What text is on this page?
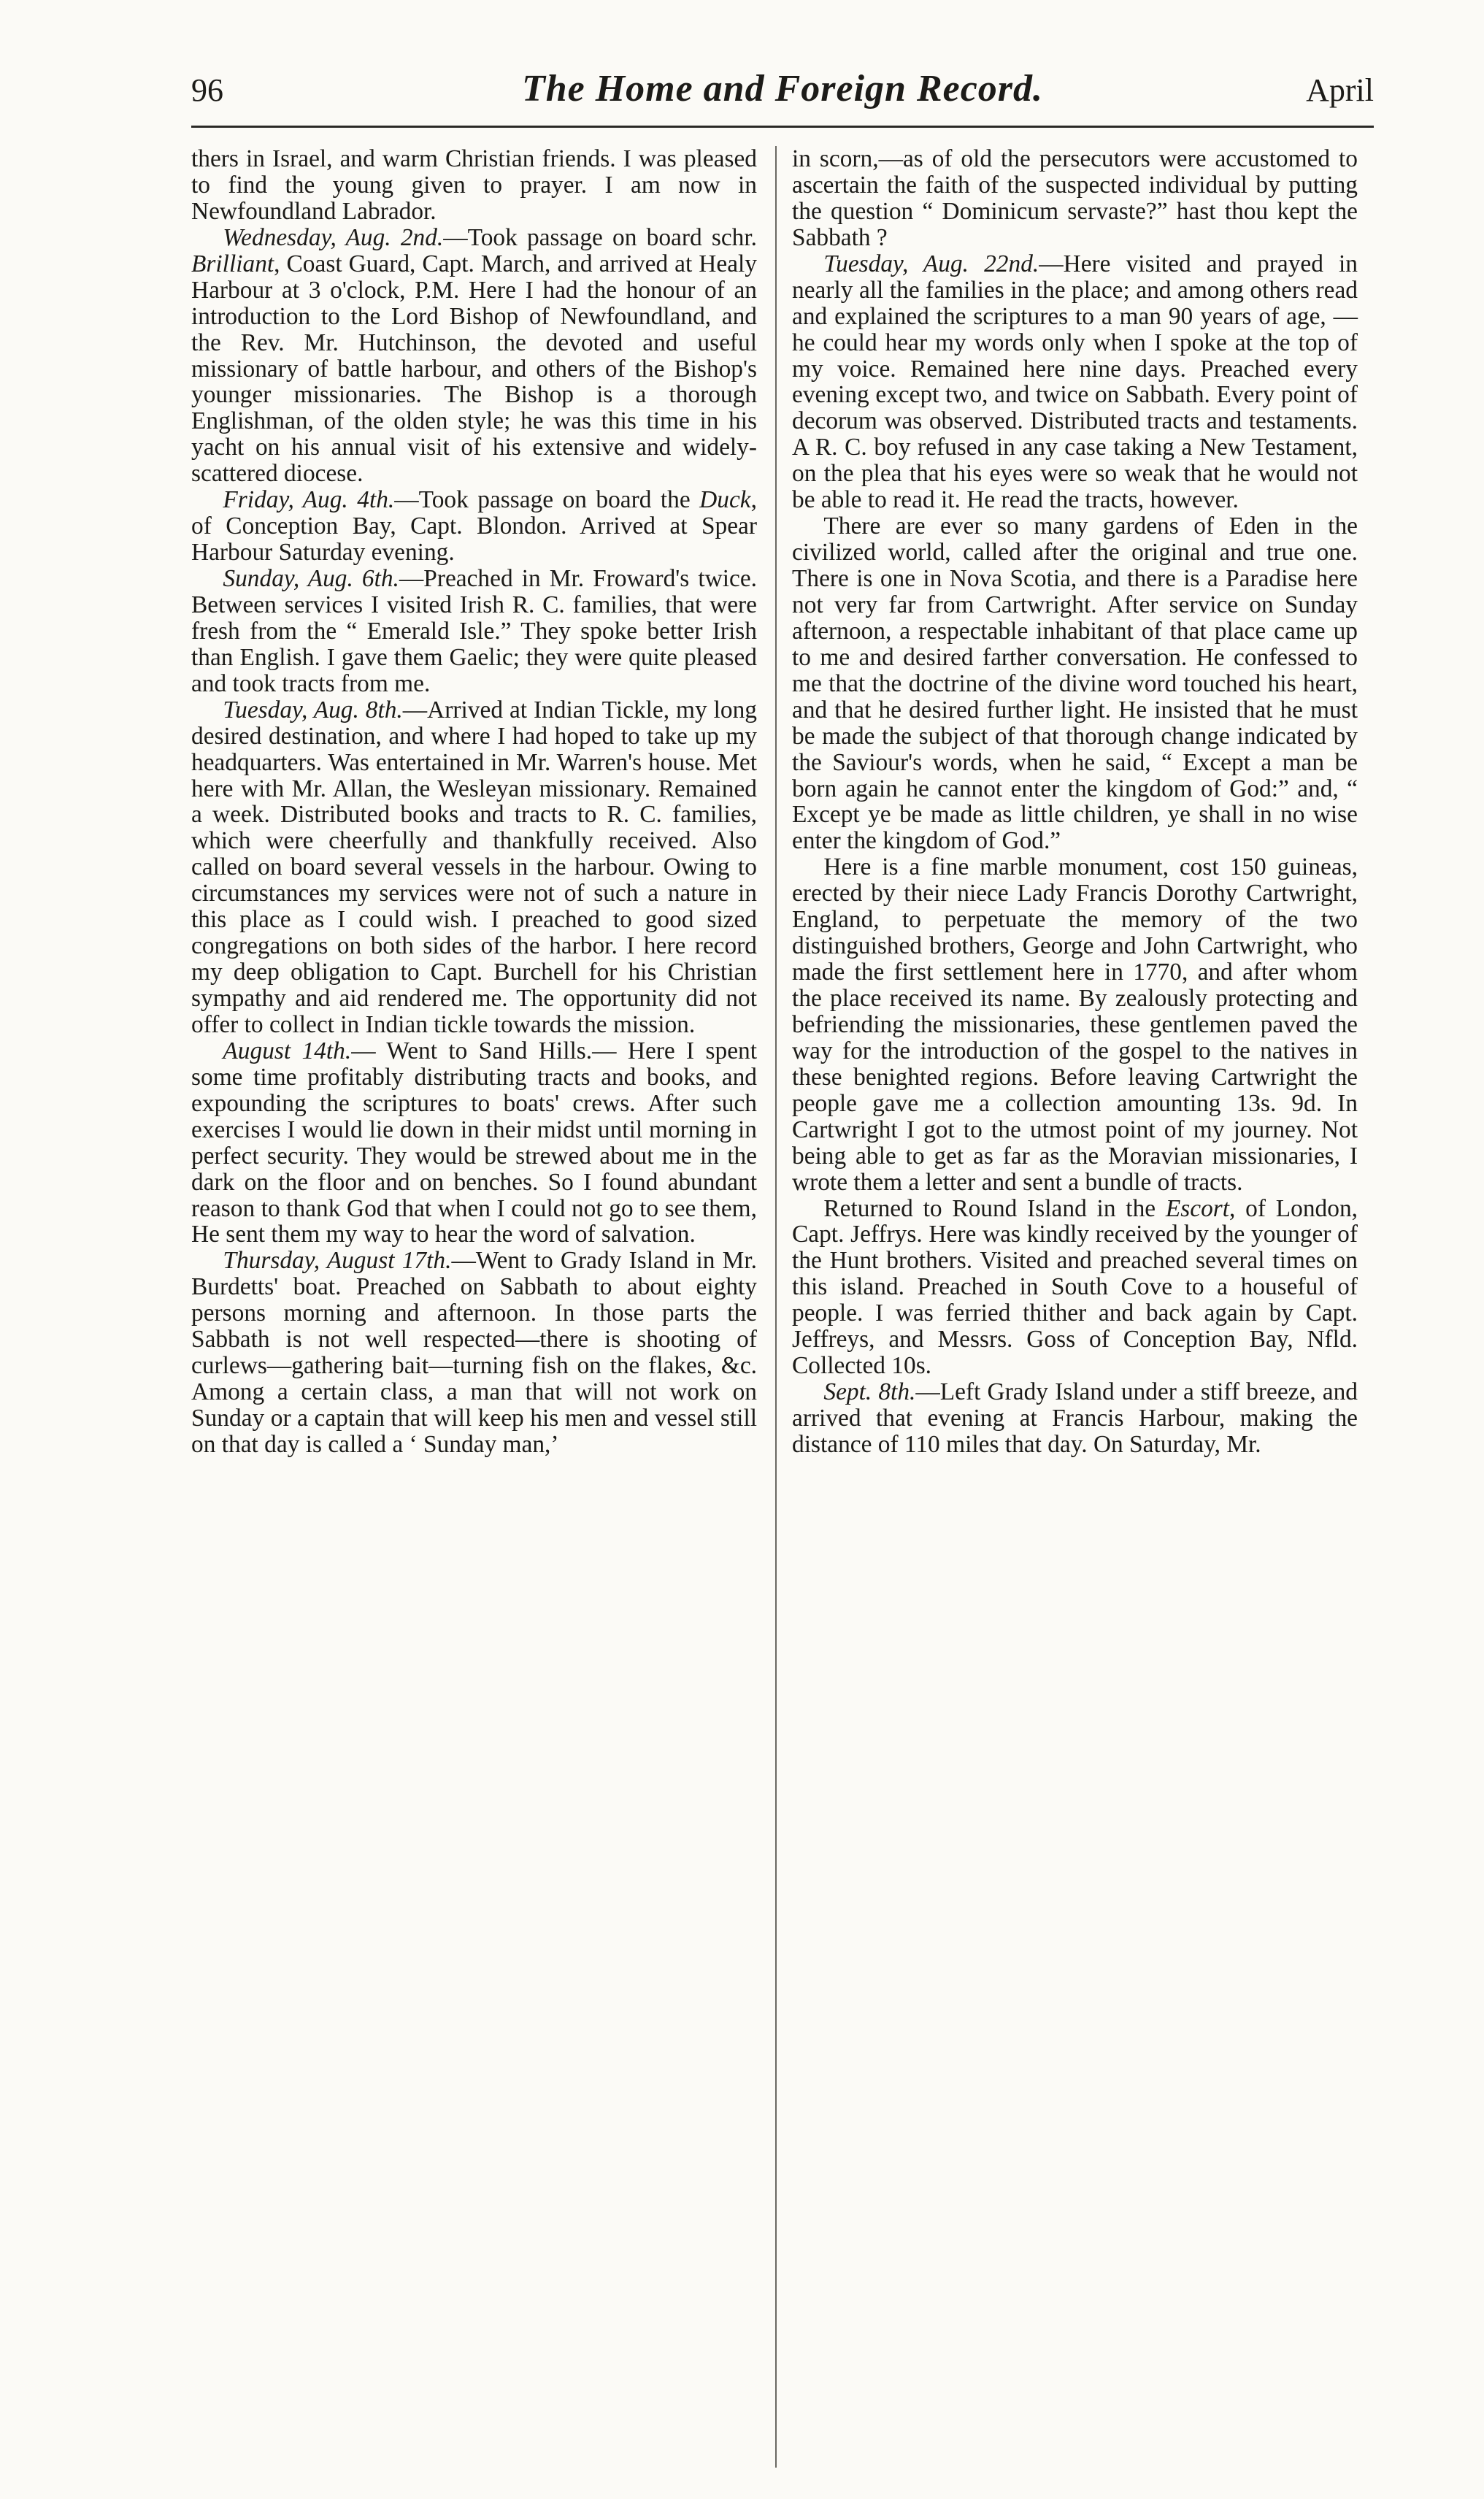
96	The Home and Foreign Record.	April

thers in Israel, and warm Christian friends. I was pleased to find the young given to prayer. I am now in Newfoundland Labrador.

Wednesday, Aug. 2nd.—Took passage on board schr. Brilliant, Coast Guard, Capt. March, and arrived at Healy Harbour at 3 o'clock, P.M. Here I had the honour of an introduction to the Lord Bishop of Newfoundland, and the Rev. Mr. Hutchinson, the devoted and useful missionary of battle harbour, and others of the Bishop's younger missionaries. The Bishop is a thorough Englishman, of the olden style; he was this time in his yacht on his annual visit of his extensive and widely-scattered diocese.

Friday, Aug. 4th.—Took passage on board the Duck, of Conception Bay, Capt. Blondon. Arrived at Spear Harbour Saturday evening.

Sunday, Aug. 6th.—Preached in Mr. Froward's twice. Between services I visited Irish R. C. families, that were fresh from the “ Emerald Isle.” They spoke better Irish than English. I gave them Gaelic; they were quite pleased and took tracts from me.

Tuesday, Aug. 8th.—Arrived at Indian Tickle, my long desired destination, and where I had hoped to take up my headquarters. Was entertained in Mr. Warren's house. Met here with Mr. Allan, the Wesleyan missionary. Remained a week. Distributed books and tracts to R. C. families, which were cheerfully and thankfully received. Also called on board several vessels in the harbour. Owing to circumstances my services were not of such a nature in this place as I could wish. I preached to good sized congregations on both sides of the harbor. I here record my deep obligation to Capt. Burchell for his Christian sympathy and aid rendered me. The opportunity did not offer to collect in Indian tickle towards the mission.

August 14th.— Went to Sand Hills.— Here I spent some time profitably distributing tracts and books, and expounding the scriptures to boats' crews. After such exercises I would lie down in their midst until morning in perfect security. They would be strewed about me in the dark on the floor and on benches. So I found abundant reason to thank God that when I could not go to see them, He sent them my way to hear the word of salvation.

Thursday, August 17th.—Went to Grady Island in Mr. Burdetts' boat. Preached on Sabbath to about eighty persons morning and afternoon. In those parts the Sabbath is not well respected—there is shooting of curlews—gathering bait—turning fish on the flakes, &c. Among a certain class, a man that will not work on Sunday or a captain that will keep his men and vessel still on that day is called a ‘ Sunday man,’

in scorn,—as of old the persecutors were accustomed to ascertain the faith of the suspected individual by putting the question “ Dominicum servaste?” hast thou kept the Sabbath ?

Tuesday, Aug. 22nd.—Here visited and prayed in nearly all the families in the place; and among others read and explained the scriptures to a man 90 years of age, —he could hear my words only when I spoke at the top of my voice. Remained here nine days. Preached every evening except two, and twice on Sabbath. Every point of decorum was observed. Distributed tracts and testaments. A R. C. boy refused in any case taking a New Testament, on the plea that his eyes were so weak that he would not be able to read it. He read the tracts, however.

There are ever so many gardens of Eden in the civilized world, called after the original and true one. There is one in Nova Scotia, and there is a Paradise here not very far from Cartwright. After service on Sunday afternoon, a respectable inhabitant of that place came up to me and desired farther conversation. He confessed to me that the doctrine of the divine word touched his heart, and that he desired further light. He insisted that he must be made the subject of that thorough change indicated by the Saviour's words, when he said, “ Except a man be born again he cannot enter the kingdom of God:” and, “ Except ye be made as little children, ye shall in no wise enter the kingdom of God.”

Here is a fine marble monument, cost 150 guineas, erected by their niece Lady Francis Dorothy Cartwright, England, to perpetuate the memory of the two distinguished brothers, George and John Cartwright, who made the first settlement here in 1770, and after whom the place received its name. By zealously protecting and befriending the missionaries, these gentlemen paved the way for the introduction of the gospel to the natives in these benighted regions. Before leaving Cartwright the people gave me a collection amounting 13s. 9d. In Cartwright I got to the utmost point of my journey. Not being able to get as far as the Moravian missionaries, I wrote them a letter and sent a bundle of tracts.

Returned to Round Island in the Escort, of London, Capt. Jeffrys. Here was kindly received by the younger of the Hunt brothers. Visited and preached several times on this island. Preached in South Cove to a houseful of people. I was ferried thither and back again by Capt. Jeffreys, and Messrs. Goss of Conception Bay, Nfld. Collected 10s.

Sept. 8th.—Left Grady Island under a stiff breeze, and arrived that evening at Francis Harbour, making the distance of 110 miles that day. On Saturday, Mr.
